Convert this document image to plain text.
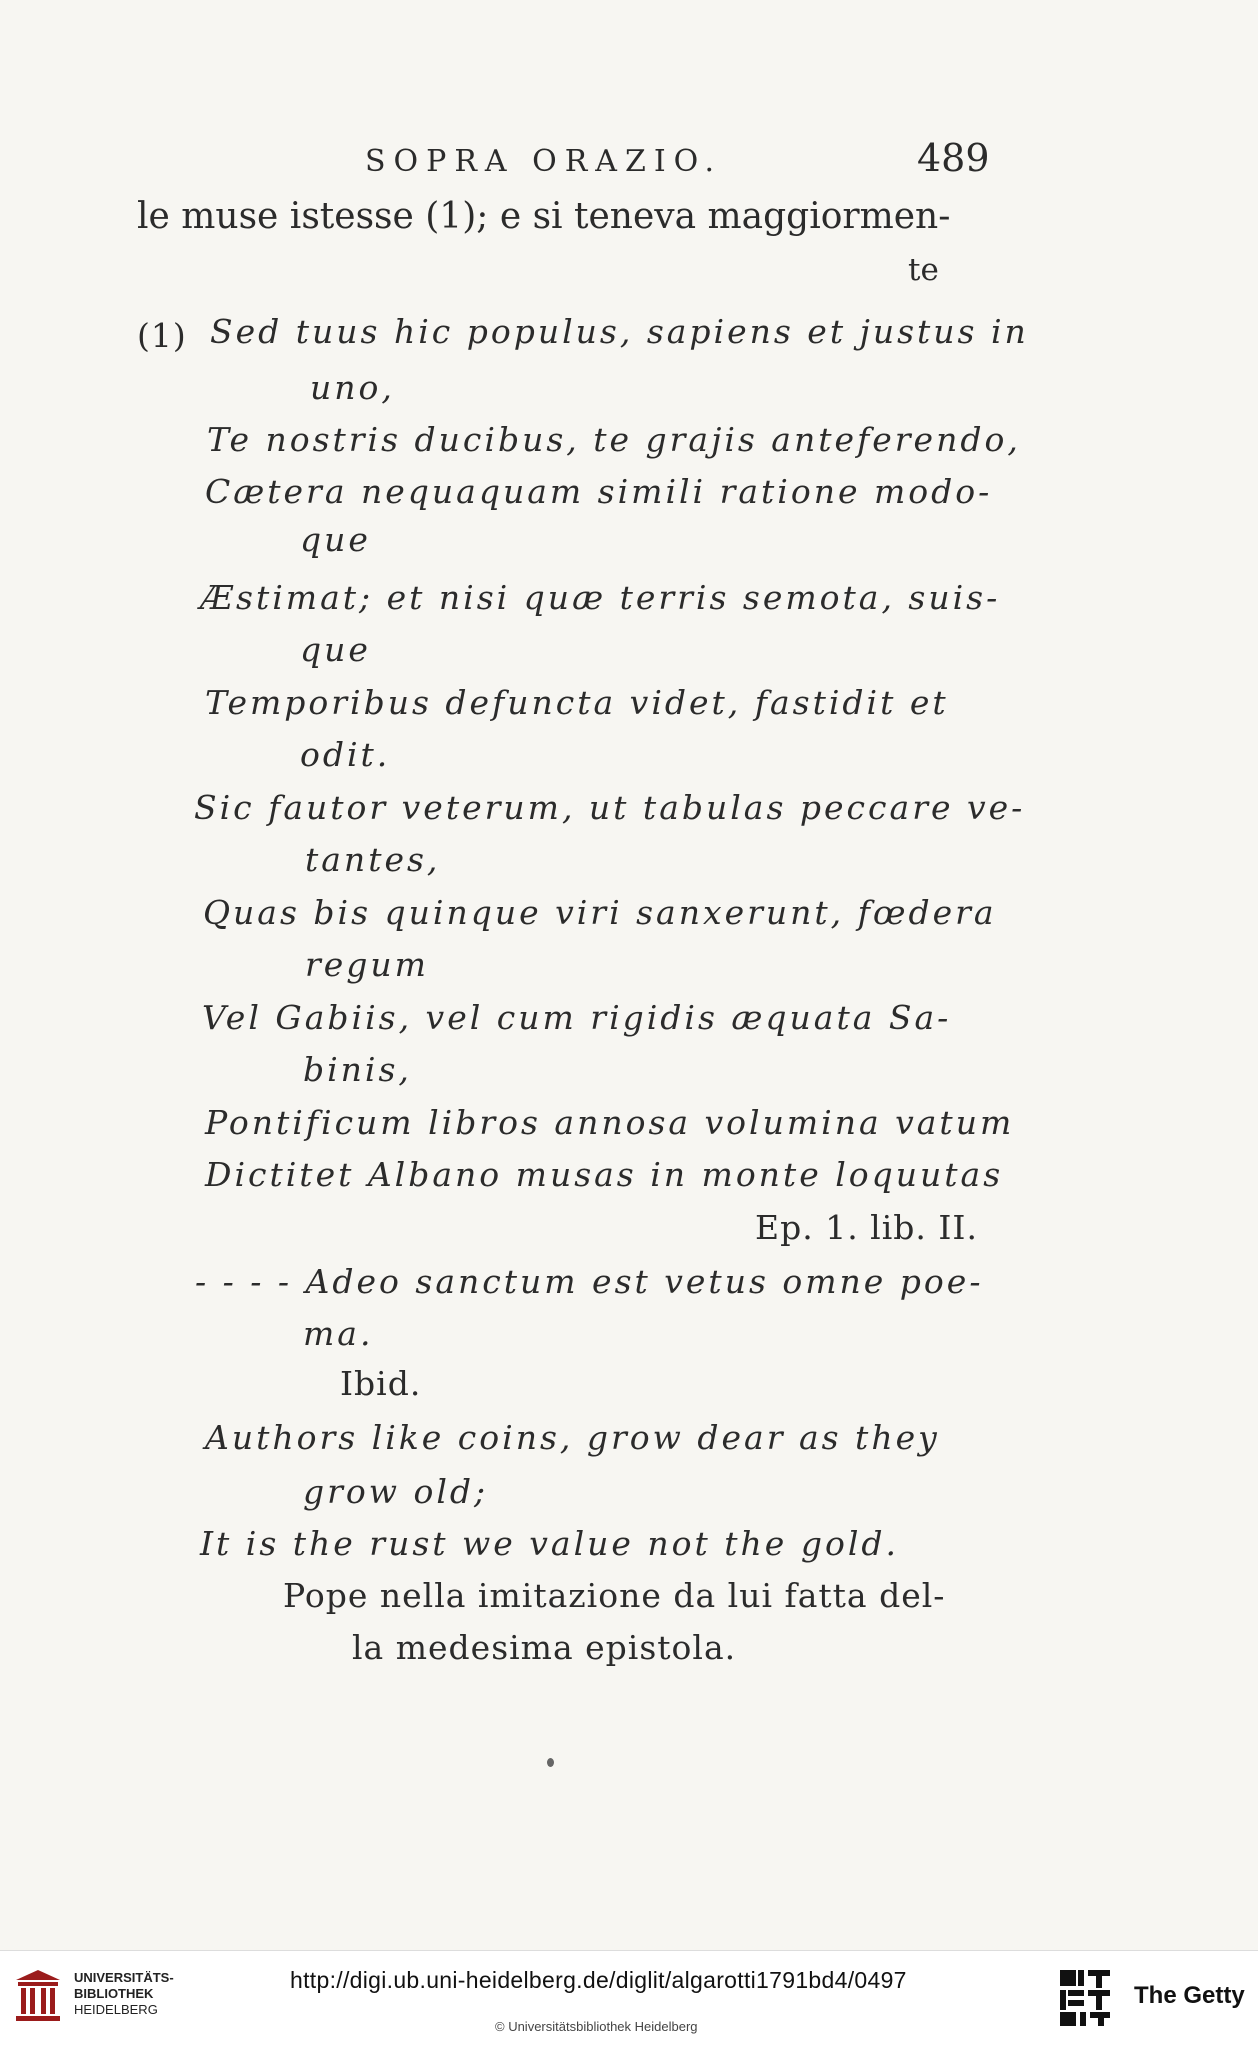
SOPRA ORAZIO.	489
le muse istesse (1); e si teneva maggiormen-
te
(1) Sed tuus hic populus, sapiens et justus in
uno,
Te nostris ducibus, te grajis anteferendo,
Cætera nequaquam simili ratione modo-
que
Æstimat; et nisi quæ terris semota, suis-
que
Temporibus defuncta videt, fastidit et
odit.
Sic fautor veterum, ut tabulas peccare ve-
tantes,
Quas bis quinque viri sanxerunt, fœdera
regum
Vel Gabiis, vel cum rigidis æquata Sa-
binis,
Pontificum libros annosa volumina vatum
Dictitet Albano musas in monte loquutas
Ep. 1. lib. II.
- - - - Adeo sanctum est vetus omne poe-
ma.
Ibid.
Authors like coins, grow dear as they
grow old;
It is the rust we value not the gold.
Pope nella imitazione da lui fatta del-
la medesima epistola.
UNIVERSITÄTS-
BIBLIOTHEK
HEIDELBERG
http://digi.ub.uni-heidelberg.de/diglit/algarotti1791bd4/0497
© Universitätsbibliothek Heidelberg
The Getty
